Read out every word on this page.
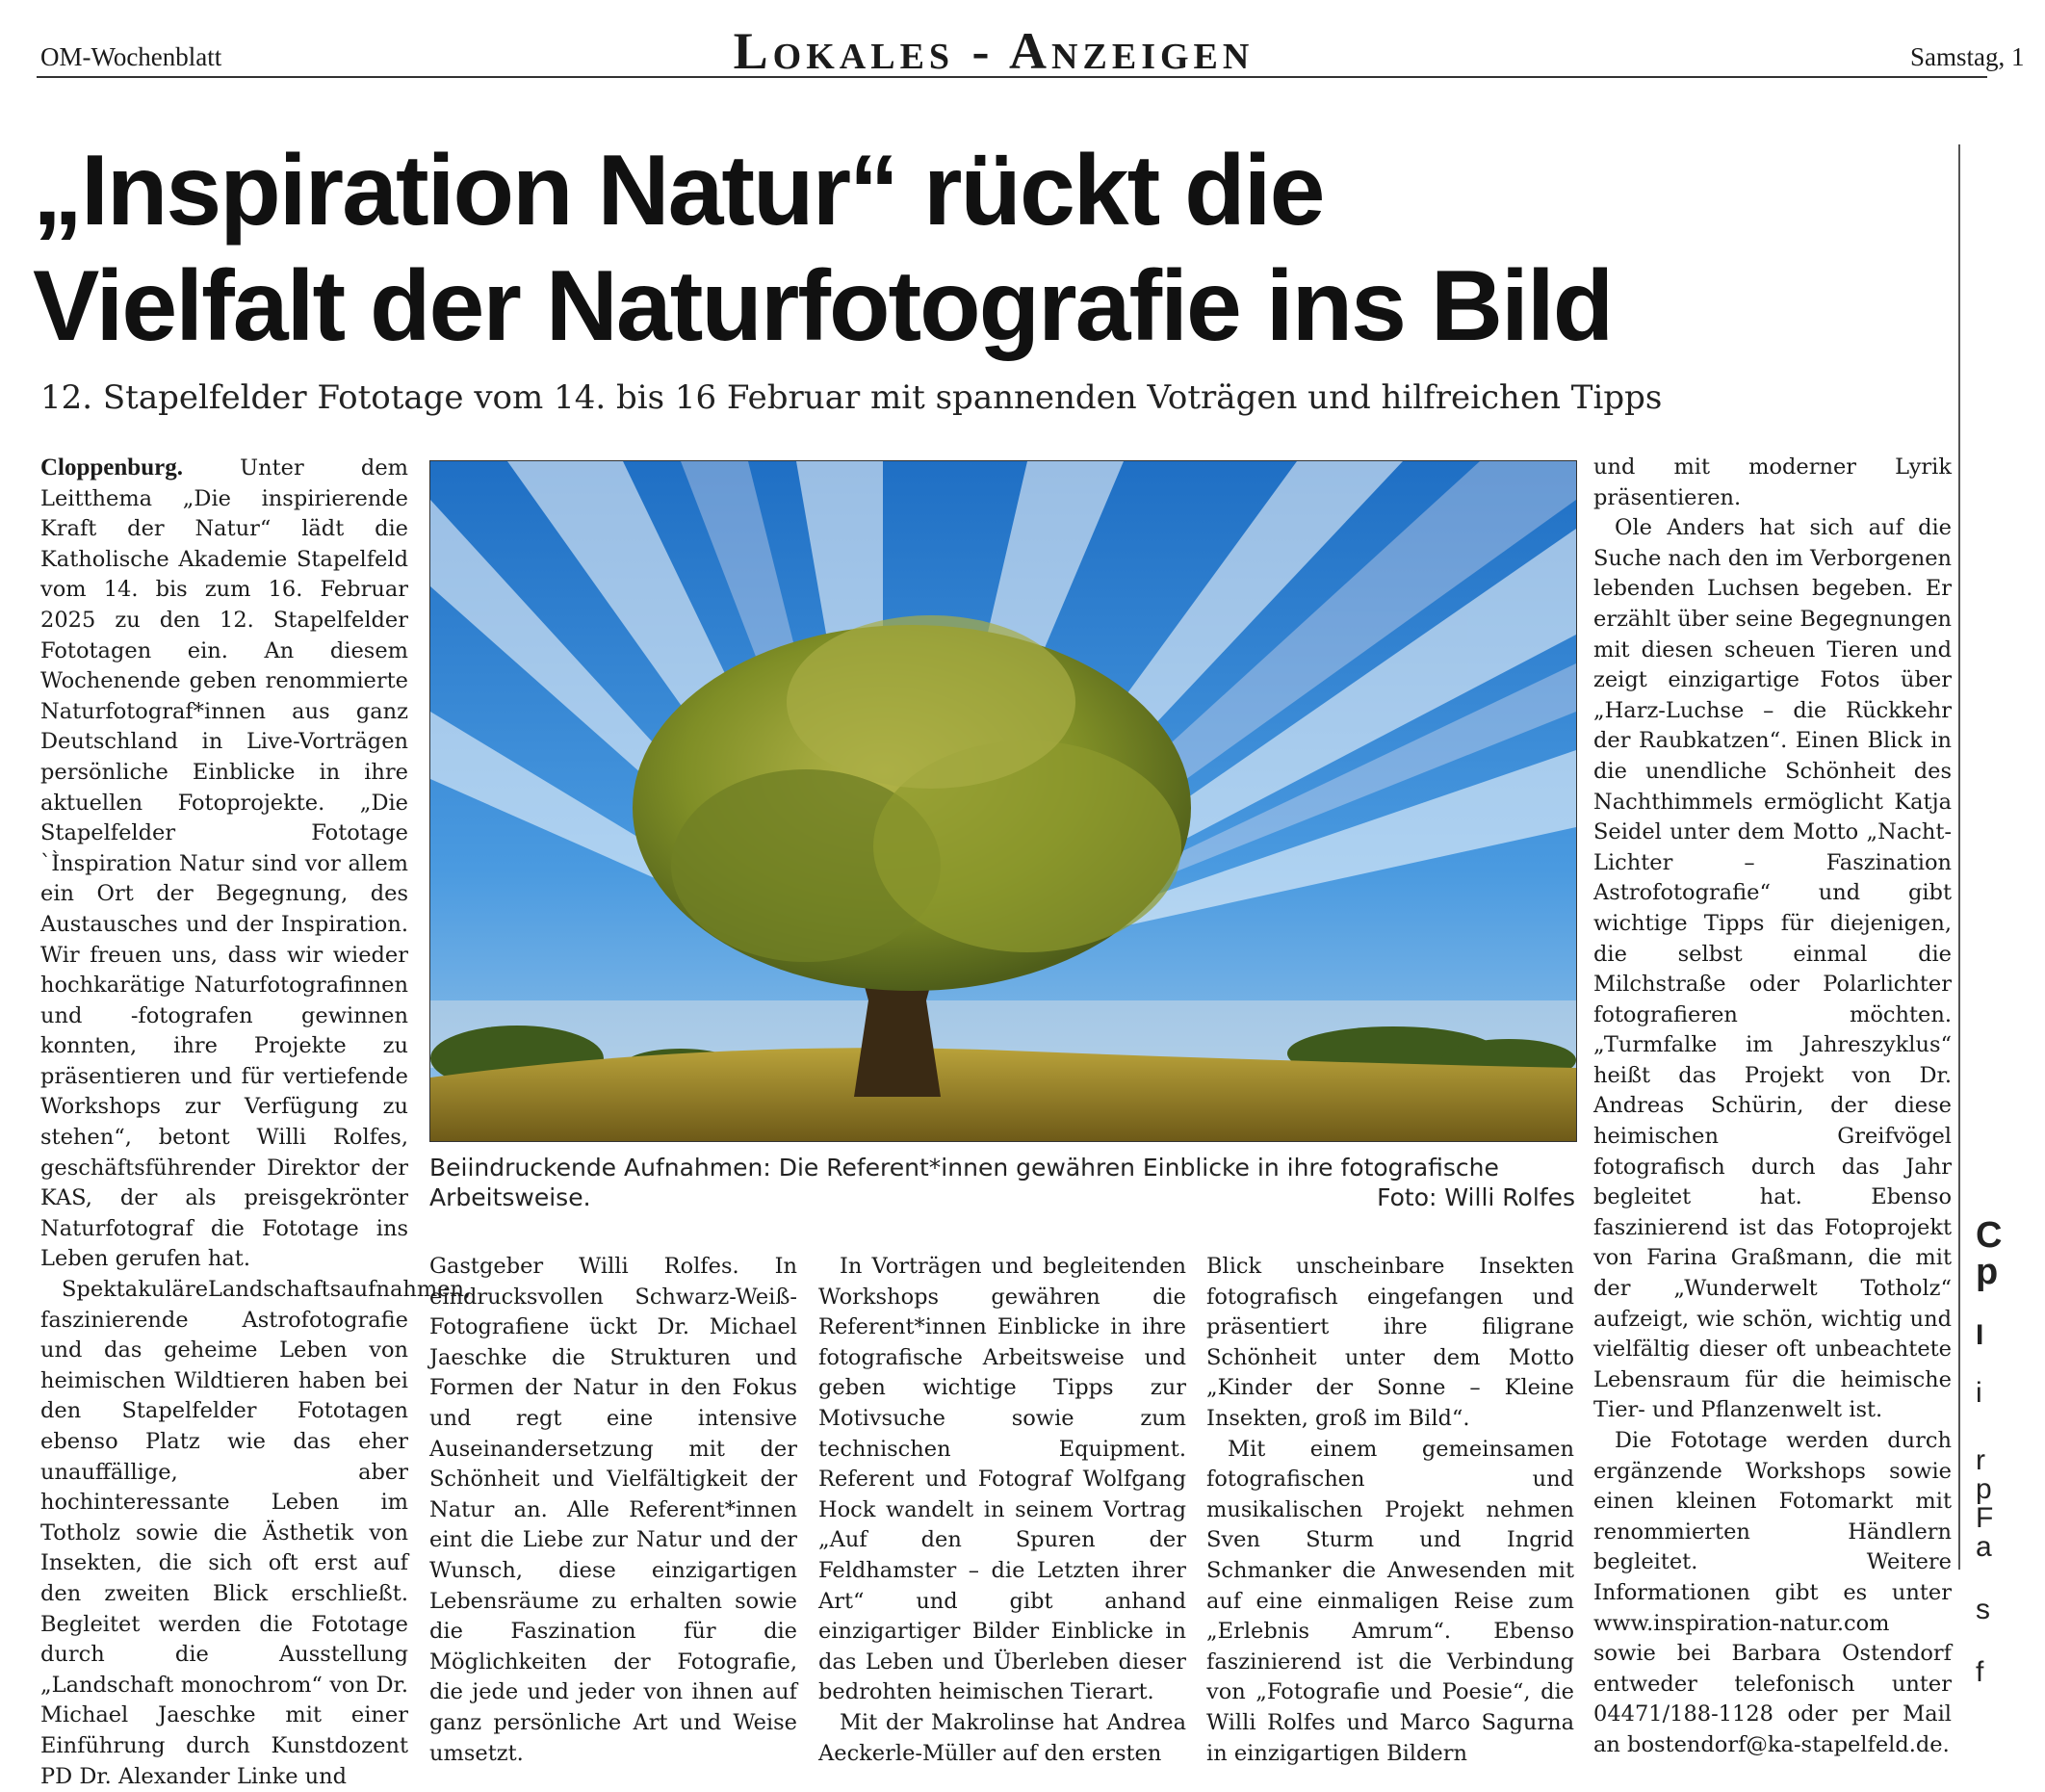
OM-Wochenblatt	Lokales - Anzeigen	Samstag, 1
„Inspiration Natur“ rückt die
Vielfalt der Naturfotografie ins Bild
12. Stapelfelder Fototage vom 14. bis 16 Februar mit spannenden Voträgen und hilfreichen Tipps

Cloppenburg.	Unter dem Leitthema „Die inspirierende Kraft der Natur“ lädt die Katholische Akademie Stapelfeld vom 14. bis zum 16. Februar 2025 zu den 12. Stapelfelder Fototagen ein. An diesem Wochenende geben renommierte Naturfotograf*innen aus ganz Deutschland in Live-Vorträgen persönliche Einblicke in ihre aktuellen Fotoprojekte. „Die Stapelfelder Fototage `Ìnspiration Natur sind vor allem ein Ort der Begegnung, des Austausches und der Inspiration. Wir freuen uns, dass wir wieder hochkarätige Naturfotografinnen und -fotografen gewinnen konnten, ihre Projekte zu präsentieren und für vertiefende Workshops zur Verfügung zu stehen“, betont Willi Rolfes, geschäftsführender Direktor der KAS, der als preisgekrönter Naturfotograf die Fototage ins Leben gerufen hat.

SpektakuläreLandschaftsaufnahmen, faszinierende Astrofotografie und das geheime Leben von heimischen Wildtieren haben bei den Stapelfelder Fototagen ebenso Platz wie das eher unauffällige, aber hochinteressante Leben im Totholz sowie die Ästhetik von Insekten, die sich oft erst auf den zweiten Blick erschließt. Begleitet werden die Fototage durch die Ausstellung „Landschaft monochrom“ von Dr. Michael Jaeschke mit einer Einführung durch Kunstdozent PD Dr. Alexander Linke und

Beiindruckende Aufnahmen: Die Referent*innen gewähren Einblicke in ihre fotografische Arbeitsweise.	Foto: Willi Rolfes

Gastgeber Willi Rolfes. In eindrucksvollen Schwarz-Weiß-Fotografiene ückt Dr. Michael Jaeschke die Strukturen und Formen der Natur in den Fokus und regt eine intensive Auseinandersetzung mit der Schönheit und Vielfältigkeit der Natur an. Alle Referent*innen eint die Liebe zur Natur und der Wunsch, diese einzigartigen Lebensräume zu erhalten sowie die Faszination für die Möglichkeiten der Fotografie, die jede und jeder von ihnen auf ganz persönliche Art und Weise umsetzt.

In Vorträgen und begleitenden Workshops gewähren die Referent*innen Einblicke in ihre fotografische Arbeitsweise und geben wichtige Tipps zur Motivsuche sowie zum technischen Equipment. Referent und Fotograf Wolfgang Hock wandelt in seinem Vortrag „Auf den Spuren der Feldhamster – die Letzten ihrer Art“ und gibt anhand einzigartiger Bilder Einblicke in das Leben und Überleben dieser bedrohten heimischen Tierart.

Mit der Makrolinse hat Andrea Aeckerle-Müller auf den ersten

Blick unscheinbare Insekten fotografisch eingefangen und präsentiert ihre filigrane Schönheit unter dem Motto „Kinder der Sonne – Kleine Insekten, groß im Bild“.

Mit einem gemeinsamen fotografischen und musikalischen Projekt nehmen Sven Sturm und Ingrid Schmanker die Anwesenden mit auf eine einmaligen Reise zum „Erlebnis Amrum“. Ebenso faszinierend ist die Verbindung von „Fotografie und Poesie“, die Willi Rolfes und Marco Sagurna in einzigartigen Bildern

und mit moderner Lyrik präsentieren.

Ole Anders hat sich auf die Suche nach den im Verborgenen lebenden Luchsen begeben. Er erzählt über seine Begegnungen mit diesen scheuen Tieren und zeigt einzigartige Fotos über „Harz-Luchse – die Rückkehr der Raubkatzen“. Einen Blick in die unendliche Schönheit des Nachthimmels ermöglicht Katja Seidel unter dem Motto „Nacht-Lichter – Faszination Astrofotografie“ und gibt wichtige Tipps für diejenigen, die selbst einmal die Milchstraße oder Polarlichter fotografieren möchten. „Turmfalke im Jahreszyklus“ heißt das Projekt von Dr. Andreas Schürin, der diese heimischen Greifvögel fotografisch durch das Jahr begleitet hat. Ebenso faszinierend ist das Fotoprojekt von Farina Graßmann, die mit der „Wunderwelt Totholz“ aufzeigt, wie schön, wichtig und vielfältig dieser oft unbeachtete Lebensraum für die heimische Tier- und Pflanzenwelt ist.

Die Fototage werden durch ergänzende Workshops sowie einen kleinen Fotomarkt mit renommierten Händlern begleitet. Weitere Informationen gibt es unter www.inspiration-natur.com sowie bei Barbara Ostendorf entweder telefonisch unter 04471/188-1128 oder per Mail an bostendorf@ka-stapelfeld.de.

C
p
I
i
r
p
F
a
s
f
